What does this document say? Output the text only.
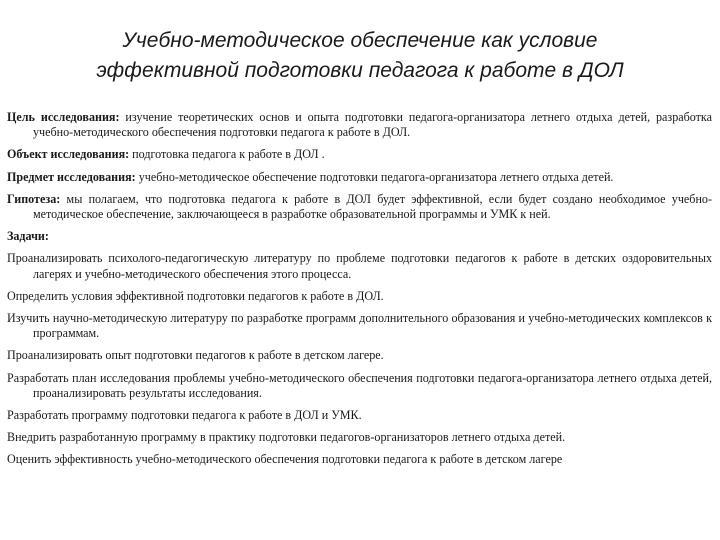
Учебно-методическое обеспечение как условие
эффективной подготовки педагога к работе в ДОЛ

Цель исследования: изучение теоретических основ и опыта подготовки педагога-организатора летнего отдыха детей, разработка учебно-методического обеспечения подготовки педагога к работе в ДОЛ.

Объект исследования: подготовка педагога к работе в ДОЛ .

Предмет исследования: учебно-методическое обеспечение подготовки педагога-организатора летнего отдыха детей.

Гипотеза: мы полагаем, что подготовка педагога к работе в ДОЛ будет эффективной, если будет создано необходимое учебно-методическое обеспечение, заключающееся в разработке образовательной программы и УМК к ней.

Задачи:

Проанализировать психолого-педагогическую литературу по проблеме подготовки педагогов к работе в детских оздоровительных лагерях и учебно-методического обеспечения этого процесса.

Определить условия эффективной подготовки педагогов к работе в ДОЛ.

Изучить научно-методическую литературу по разработке программ дополнительного образования и учебно-методических комплексов к программам.

Проанализировать опыт подготовки педагогов к работе в детском лагере.

Разработать план исследования проблемы учебно-методического обеспечения подготовки педагога-организатора летнего отдыха детей, проанализировать результаты исследования.

Разработать программу подготовки педагога к работе в ДОЛ и УМК.

Внедрить разработанную программу в практику подготовки педагогов-организаторов летнего отдыха детей.

Оценить эффективность учебно-методического обеспечения подготовки педагога к работе в детском лагере
